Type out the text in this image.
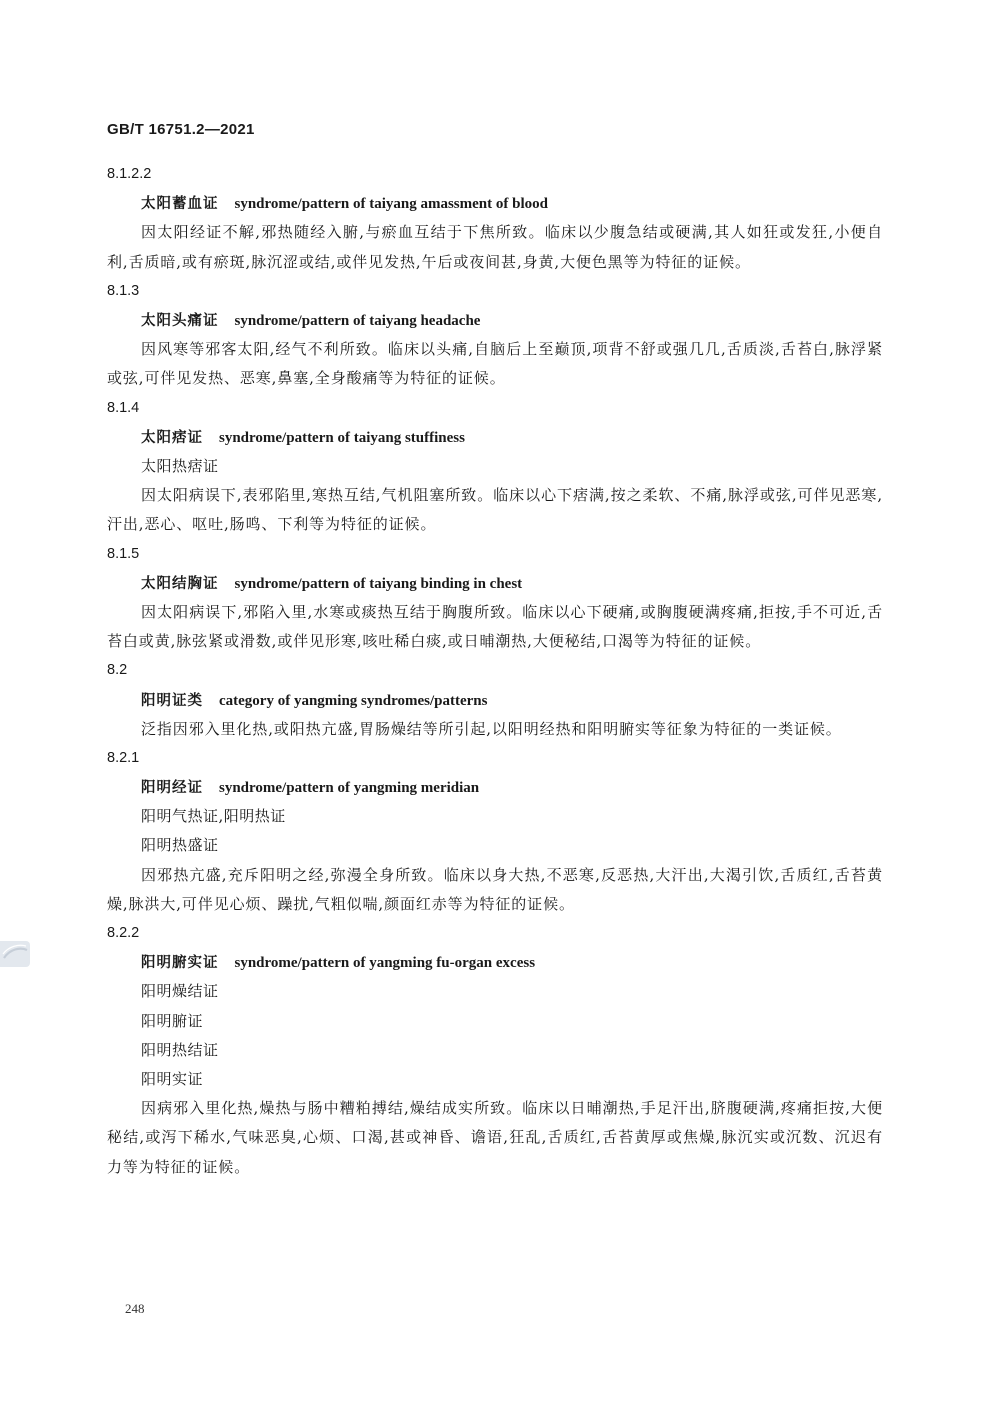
GB/T 16751.2—2021
8.1.2.2
太阳蓄血证 syndrome/pattern of taiyang amassment of blood
因太阳经证不解,邪热随经入腑,与瘀血互结于下焦所致。临床以少腹急结或硬满,其人如狂或发狂,小便自利,舌质暗,或有瘀斑,脉沉涩或结,或伴见发热,午后或夜间甚,身黄,大便色黑等为特征的证候。
8.1.3
太阳头痛证 syndrome/pattern of taiyang headache
因风寒等邪客太阳,经气不利所致。临床以头痛,自脑后上至巅顶,项背不舒或强几几,舌质淡,舌苔白,脉浮紧或弦,可伴见发热、恶寒,鼻塞,全身酸痛等为特征的证候。
8.1.4
太阳痞证 syndrome/pattern of taiyang stuffiness
太阳热痞证
因太阳病误下,表邪陷里,寒热互结,气机阻塞所致。临床以心下痞满,按之柔软、不痛,脉浮或弦,可伴见恶寒,汗出,恶心、呕吐,肠鸣、下利等为特征的证候。
8.1.5
太阳结胸证 syndrome/pattern of taiyang binding in chest
因太阳病误下,邪陷入里,水寒或痰热互结于胸腹所致。临床以心下硬痛,或胸腹硬满疼痛,拒按,手不可近,舌苔白或黄,脉弦紧或滑数,或伴见形寒,咳吐稀白痰,或日晡潮热,大便秘结,口渴等为特征的证候。
8.2
阳明证类 category of yangming syndromes/patterns
泛指因邪入里化热,或阳热亢盛,胃肠燥结等所引起,以阳明经热和阳明腑实等征象为特征的一类证候。
8.2.1
阳明经证 syndrome/pattern of yangming meridian
阳明气热证,阳明热证
阳明热盛证
因邪热亢盛,充斥阳明之经,弥漫全身所致。临床以身大热,不恶寒,反恶热,大汗出,大渴引饮,舌质红,舌苔黄燥,脉洪大,可伴见心烦、躁扰,气粗似喘,颜面红赤等为特征的证候。
8.2.2
阳明腑实证 syndrome/pattern of yangming fu-organ excess
阳明燥结证
阳明腑证
阳明热结证
阳明实证
因病邪入里化热,燥热与肠中糟粕搏结,燥结成实所致。临床以日晡潮热,手足汗出,脐腹硬满,疼痛拒按,大便秘结,或泻下稀水,气味恶臭,心烦、口渴,甚或神昏、谵语,狂乱,舌质红,舌苔黄厚或焦燥,脉沉实或沉数、沉迟有力等为特征的证候。
248
